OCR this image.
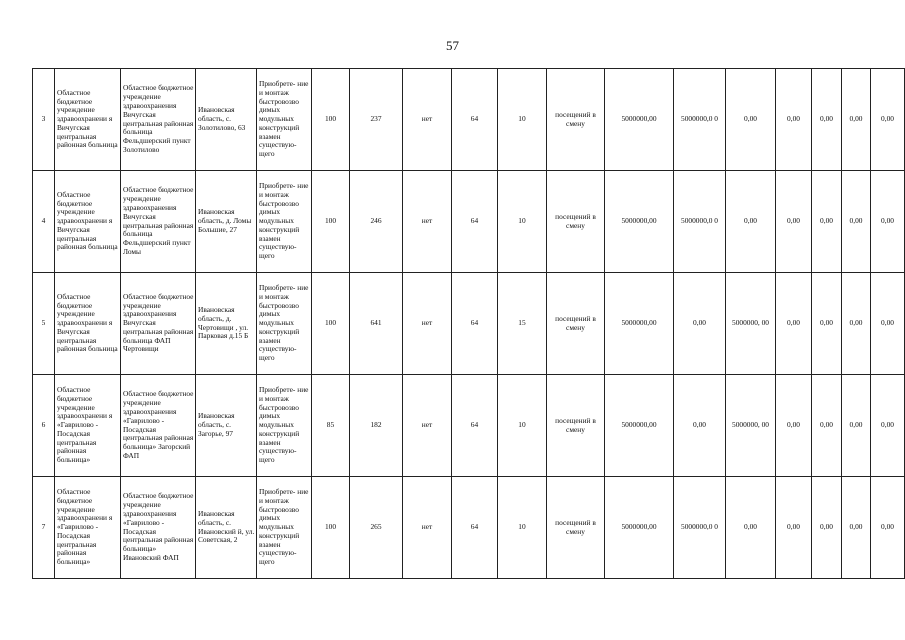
57
3	Областное бюджетное учреждение здравоохранени я Вичугская центральная районная больница	Областное бюджетное учреждение здравоохранения Вичугская центральная районная больница Фельдшерский пункт Золотилово	Ивановская область, с. Золотилово, 63	Приобрете- ние и монтаж быстровозво димых модульных конструкций взамен существую- щего	100	237	нет	64	10	посещений в смену	5000000,00	5000000,0 0	0,00	0,00	0,00	0,00	0,00
4	Областное бюджетное учреждение здравоохранени я Вичугская центральная районная больница	Областное бюджетное учреждение здравоохранения Вичугская центральная районная больница Фельдшерский пункт Ломы	Ивановская область, д. Ломы Большие, 27	Приобрете- ние и монтаж быстровозво димых модульных конструкций взамен существую- щего	100	246	нет	64	10	посещений в смену	5000000,00	5000000,0 0	0,00	0,00	0,00	0,00	0,00
5	Областное бюджетное учреждение здравоохранени я Вичугская центральная районная больница	Областное бюджетное учреждение здравоохранения Вичугская центральная районная больница ФАП Чертовищи	Ивановская область, д. Чертовищи , ул. Парковая д.15 Б	Приобрете- ние и монтаж быстровозво димых модульных конструкций взамен существую- щего	100	641	нет	64	15	посещений в смену	5000000,00	0,00	5000000, 00	0,00	0,00	0,00	0,00
6	Областное бюджетное учреждение здравоохранени я «Гаврилово - Посадская центральная районная больница»	Областное бюджетное учреждение здравоохранения «Гаврилово - Посадская центральная районная больница» Загорский ФАП	Ивановская область, с. Загорье, 97	Приобрете- ние и монтаж быстровозво димых модульных конструкций взамен существую- щего	85	182	нет	64	10	посещений в смену	5000000,00	0,00	5000000, 00	0,00	0,00	0,00	0,00
7	Областное бюджетное учреждение здравоохранени я «Гаврилово - Посадская центральная районная больница»	Областное бюджетное учреждение здравоохранения «Гаврилово - Посадская центральная районная больница» Ивановский ФАП	Ивановская область, с. Ивановский й, ул. Советская, 2	Приобрете- ние и монтаж быстровозво димых модульных конструкций взамен существую- щего	100	265	нет	64	10	посещений в смену	5000000,00	5000000,0 0	0,00	0,00	0,00	0,00	0,00
